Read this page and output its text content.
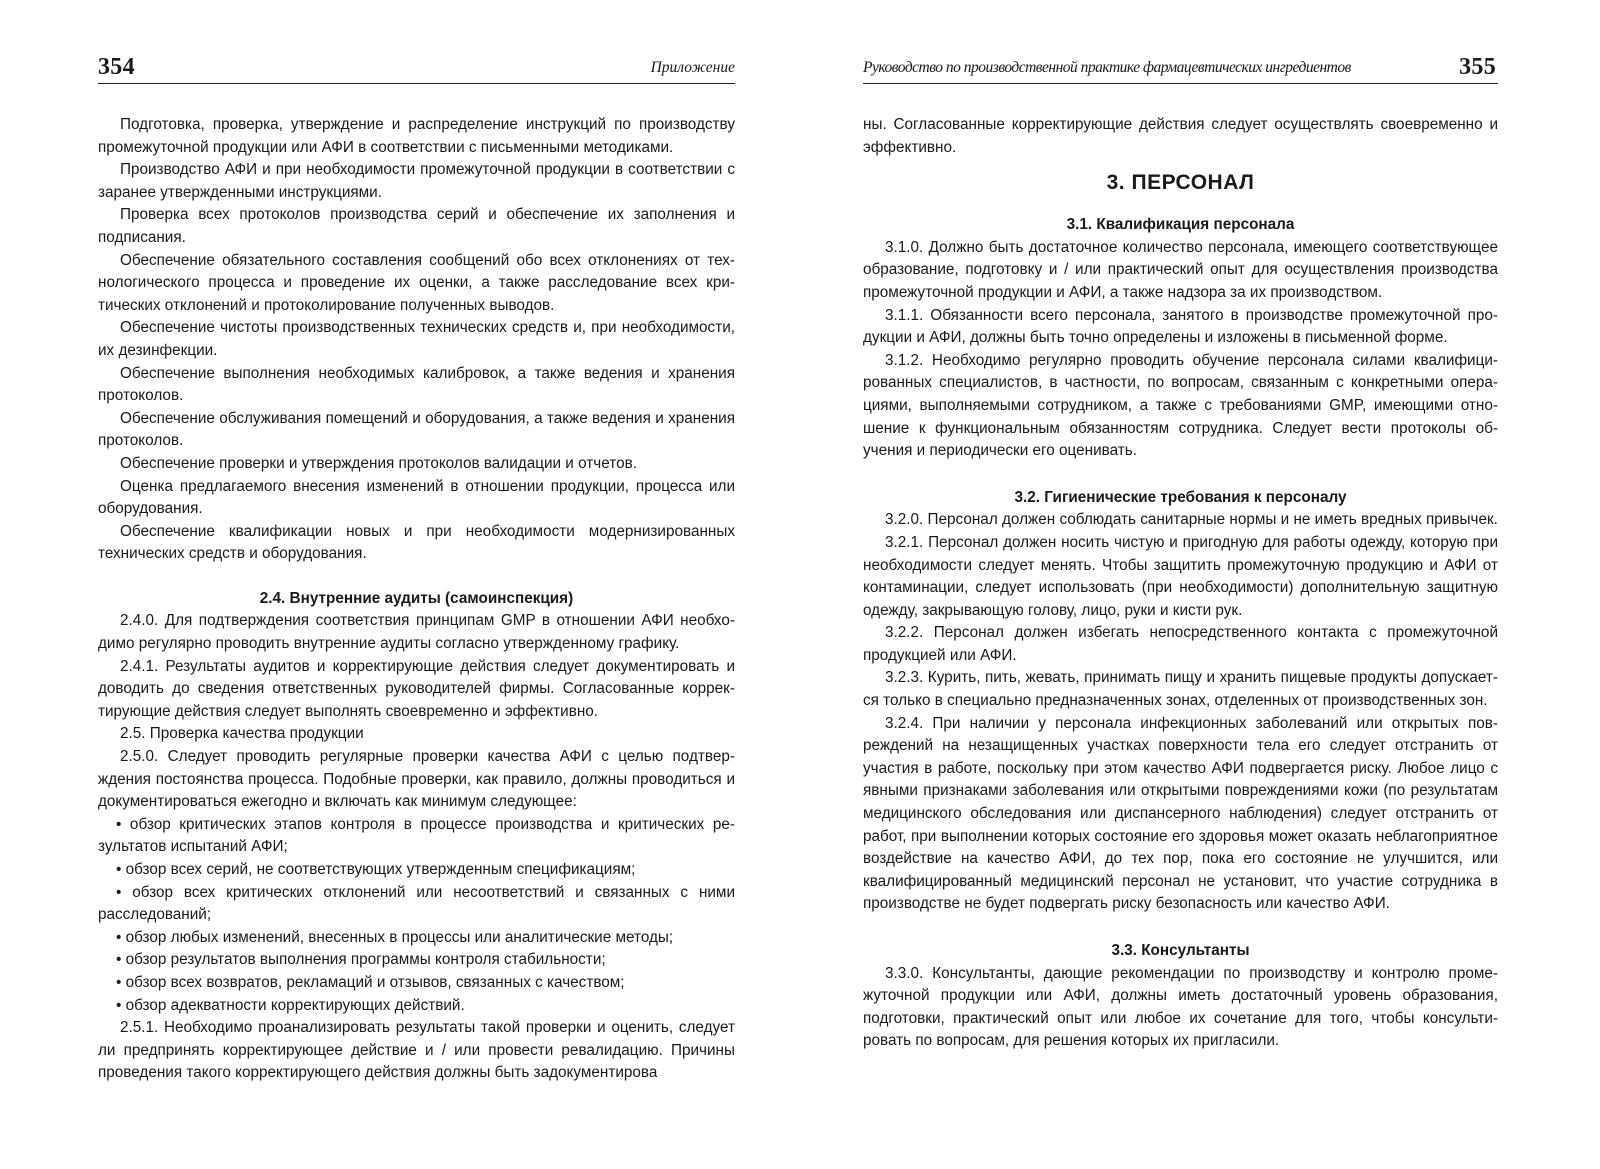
354	Приложение

Подготовка, проверка, утверждение и распределение инструкций по производству промежуточной продукции или АФИ в соответствии с письменными методиками.

Производство АФИ и при необходимости промежуточной продукции в соответствии с заранее утвержденными инструкциями.

Проверка всех протоколов производства серий и обеспечение их заполнения и подписания.

Обеспечение обязательного составления сообщений обо всех отклонениях от технологического процесса и проведение их оценки, а также расследование всех критических отклонений и протоколирование полученных выводов.

Обеспечение чистоты производственных технических средств и, при необходимости, их дезинфекции.

Обеспечение выполнения необходимых калибровок, а также ведения и хранения протоколов.

Обеспечение обслуживания помещений и оборудования, а также ведения и хранения протоколов.

Обеспечение проверки и утверждения протоколов валидации и отчетов.

Оценка предлагаемого внесения изменений в отношении продукции, процесса или оборудования.

Обеспечение квалификации новых и при необходимости модернизированных технических средств и оборудования.

2.4. Внутренние аудиты (самоинспекция)

2.4.0. Для подтверждения соответствия принципам GMP в отношении АФИ необходимо регулярно проводить внутренние аудиты согласно утвержденному графику.

2.4.1. Результаты аудитов и корректирующие действия следует документировать и доводить до сведения ответственных руководителей фирмы. Согласованные корректирующие действия следует выполнять своевременно и эффективно.

2.5. Проверка качества продукции

2.5.0. Следует проводить регулярные проверки качества АФИ с целью подтверждения постоянства процесса. Подобные проверки, как правило, должны проводиться и документироваться ежегодно и включать как минимум следующее:

• обзор критических этапов контроля в процессе производства и критических результатов испытаний АФИ;

• обзор всех серий, не соответствующих утвержденным спецификациям;

• обзор всех критических отклонений или несоответствий и связанных с ними расследований;

• обзор любых изменений, внесенных в процессы или аналитические методы;

• обзор результатов выполнения программы контроля стабильности;

• обзор всех возвратов, рекламаций и отзывов, связанных с качеством;

• обзор адекватности корректирующих действий.

2.5.1. Необходимо проанализировать результаты такой проверки и оценить, следует ли предпринять корректирующее действие и / или провести ревалидацию. Причины проведения такого корректирующего действия должны быть задокументирова

Руководство по производственной практике фармацевтических ингредиентов	355

ны. Согласованные корректирующие действия следует осуществлять своевременно и эффективно.

3. ПЕРСОНАЛ
3.1. Квалификация персонала

3.1.0. Должно быть достаточное количество персонала, имеющего соответствующее образование, подготовку и / или практический опыт для осуществления производства промежуточной продукции и АФИ, а также надзора за их производством.

3.1.1. Обязанности всего персонала, занятого в производстве промежуточной продукции и АФИ, должны быть точно определены и изложены в письменной форме.

3.1.2. Необходимо регулярно проводить обучение персонала силами квалифицированных специалистов, в частности, по вопросам, связанным с конкретными операциями, выполняемыми сотрудником, а также с требованиями GMP, имеющими отношение к функциональным обязанностям сотрудника. Следует вести протоколы обучения и периодически его оценивать.

3.2. Гигиенические требования к персоналу

3.2.0. Персонал должен соблюдать санитарные нормы и не иметь вредных привычек.

3.2.1. Персонал должен носить чистую и пригодную для работы одежду, которую при необходимости следует менять. Чтобы защитить промежуточную продукцию и АФИ от контаминации, следует использовать (при необходимости) дополнительную защитную одежду, закрывающую голову, лицо, руки и кисти рук.

3.2.2. Персонал должен избегать непосредственного контакта с промежуточной продукцией или АФИ.

3.2.3. Курить, пить, жевать, принимать пищу и хранить пищевые продукты допускается только в специально предназначенных зонах, отделенных от производственных зон.

3.2.4. При наличии у персонала инфекционных заболеваний или открытых повреждений на незащищенных участках поверхности тела его следует отстранить от участия в работе, поскольку при этом качество АФИ подвергается риску. Любое лицо с явными признаками заболевания или открытыми повреждениями кожи (по результатам медицинского обследования или диспансерного наблюдения) следует отстранить от работ, при выполнении которых состояние его здоровья может оказать неблагоприятное воздействие на качество АФИ, до тех пор, пока его состояние не улучшится, или квалифицированный медицинский персонал не установит, что участие сотрудника в производстве не будет подвергать риску безопасность или качество АФИ.

3.3. Консультанты

3.3.0. Консультанты, дающие рекомендации по производству и контролю промежуточной продукции или АФИ, должны иметь достаточный уровень образования, подготовки, практический опыт или любое их сочетание для того, чтобы консультировать по вопросам, для решения которых их пригласили.
